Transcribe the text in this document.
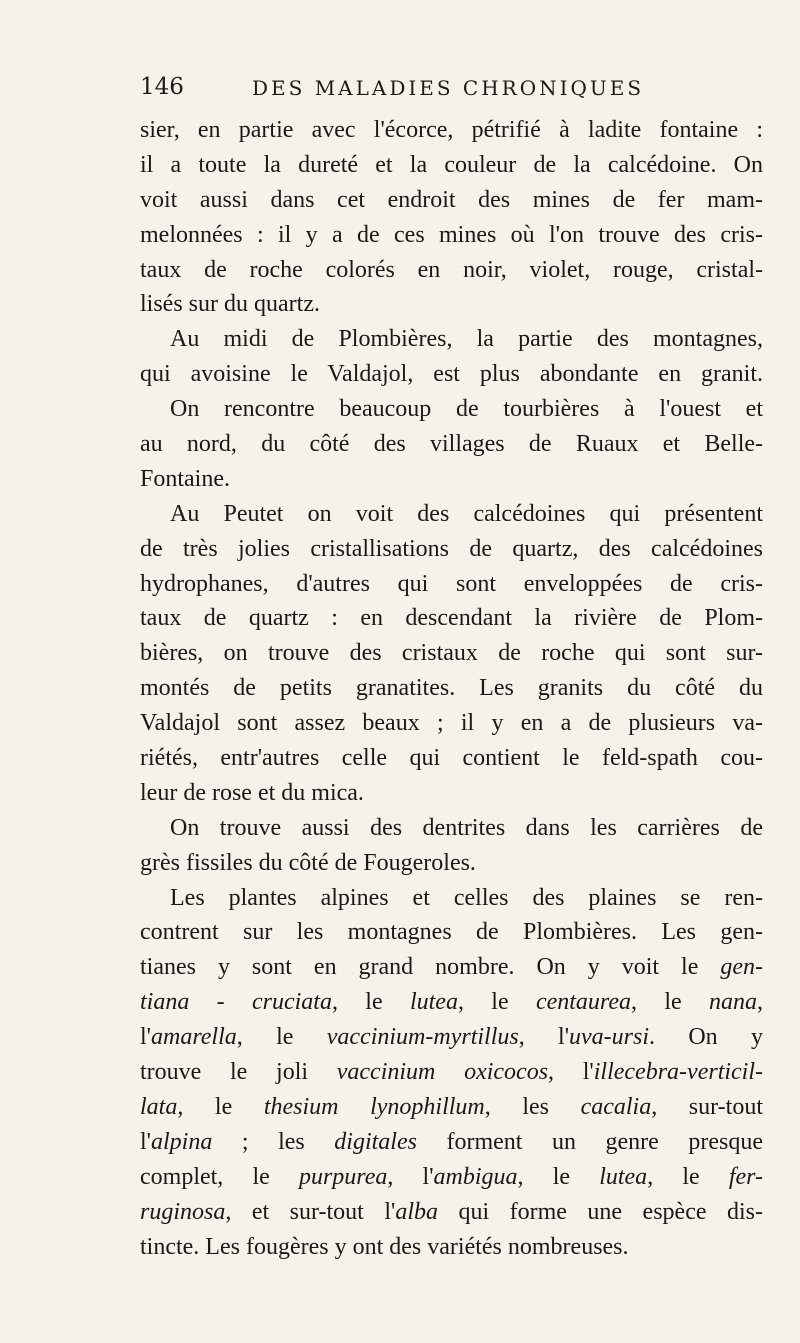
146	DES MALADIES CHRONIQUES
sier, en partie avec l'écorce, pétrifié à ladite fontaine :
il a toute la dureté et la couleur de la calcédoine. On
voit aussi dans cet endroit des mines de fer mam-
melonnées : il y a de ces mines où l'on trouve des cris-
taux de roche colorés en noir, violet, rouge, cristal-
lisés sur du quartz.
Au midi de Plombières, la partie des montagnes,
qui avoisine le Valdajol, est plus abondante en granit.
On rencontre beaucoup de tourbières à l'ouest et
au nord, du côté des villages de Ruaux et Belle-
Fontaine.
Au Peutet on voit des calcédoines qui présentent
de très jolies cristallisations de quartz, des calcédoines
hydrophanes, d'autres qui sont enveloppées de cris-
taux de quartz : en descendant la rivière de Plom-
bières, on trouve des cristaux de roche qui sont sur-
montés de petits granatites. Les granits du côté du
Valdajol sont assez beaux ; il y en a de plusieurs va-
riétés, entr'autres celle qui contient le feld-spath cou-
leur de rose et du mica.
On trouve aussi des dentrites dans les carrières de
grès fissiles du côté de Fougeroles.
Les plantes alpines et celles des plaines se ren-
contrent sur les montagnes de Plombières. Les gen-
tianes y sont en grand nombre. On y voit le gen-
tiana - cruciata, le lutea, le centaurea, le nana,
l'amarella, le vaccinium-myrtillus, l'uva-ursi. On y
trouve le joli vaccinium oxicocos, l'illecebra-verticil-
lata, le thesium lynophillum, les cacalia, sur-tout
l'alpina ; les digitales forment un genre presque
complet, le purpurea, l'ambigua, le lutea, le fer-
ruginosa, et sur-tout l'alba qui forme une espèce dis-
tincte. Les fougères y ont des variétés nombreuses.
